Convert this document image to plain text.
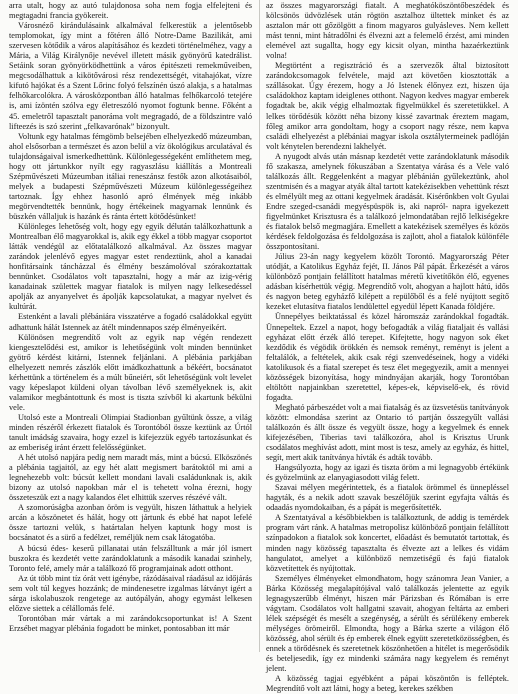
arra utalt, hogy az autó tulajdonosa soha nem fogja elfelejteni és megtagadni francia gyökereit.

Városnéző kirándulásaink alkalmával felkerestük a jelentősebb templomokat, így mint a főtéren álló Notre-Dame Bazilikát, ami szervesen kötődik a város alapításához és kezdeti történelméhez, vagy a Mária, a Világ Királynője nevével illetett másik gyönyörű katedrálist. Setáink soran gyönyörködhettünk a város épitészeti remekműveiben, megcsodálhattuk a kikötővárosi rész rendezettségét, vitahajókat, vízre kifutó hajókat és a Szent Lőrinc folyó felszínén úszó alakja, s a hatalmas felhőkarcolókra. A városközpontban álló hatalmas felhőkarcoló tetejére is, ami ízöntén szólva egy életreszóló nyomot fogtunk benne. Főként a 45. emeletről tapasztalt panoráma volt megragadó, de a földszintre való lifteezés is szó szerint „felkavarónak” bizonyult.

Voltunk egy hatalmas fémgömb belsejében elhelyezkedő múzeumban, ahol elsősorban a természet és azon belül a víz ökológikus arculatával és tulajdonságaival ismerkedhettünk. Különlegességeként említhetem meg, hogy ott jártunkkor nyílt egy ragyaszlásu kiállítás a Montreali Szépművészeti Múzeumban itáliai reneszánsz festők azon alkotásaiból, melyek a budapesti Szépművészeti Múzeum különlegességeihez tartoznak. Így ehhez hasonló apró élmények még inkább megörvendtették bennünk, hogy értékeinek magyarnak lennünk és büszkén vállaljuk is hazánk és ránta értett kötődésünket!

Különleges lehetőség volt, hogy egy egyik délután találkozhattunk a Montrealban élő magyarokkal is, akik egy ékkel a több magyar csoportot látták vendégül az előtatalálkozó alkalmával. Az összes magyar zarándok jelenlévő egyes magyar estet rendeztünk, ahol a kanadai honfitársaink táncházzal és élmény beszámolóval szórakoztattak bennünket. Csodálatos volt tapasztalni, hogy a már az izig-vérig kanadainak születtek magyar fiatalok is milyen nagy lelkesedéssel apolják az anyanyelvet és ápolják kapcsolatukat, a magyar nyelvet és kultúrát.

Estenként a lavali plébániára visszatérve a fogadó családokkal együtt adhattunk hálát Istennek az átélt mindennapos szép élményeikért.

Különösen megrendítő volt az egyik nap végén rendezett kiengesztelődési est, amikor is lehetőségünk volt minden bennünket gyötrő kérdést kitárni, Istennek feljánlani. A plébánia parkjában elhelyezett nemrés zászlók előtt imádkozhattunk a békéért, bocsánatot kérhettünk a történelem és a múlt bűneiért, sőt lehetőségünk volt levelet vagy képeslapot küldeni olyan távolban lévő személyeknek is, akit valamikor megbántottunk és most is tiszta szívből ki akartunk békülni vele.

Utolsó este a Montreali Olimpiai Stadionban gyűltünk össze, a világ minden részéről érkezett fiatalok és Torontóból össze keztünk az Úrtól tanult imádság szavaira, hogy ezzel is kifejezzük egyéb tartozásunkat és az emberiség iránt érzett felelősségünket.

A hét utolsó napjára pedig nem maradt más, mint a búcsú. Elköszönés a plébánia tagjaitól, az egy hét alatt megismert barátoktól mi ami a legnehezebb volt: búcsút kellett mondani lavali családunknak is, akik bizony az utolsó napokban már el is tehetett volna érezni, hogy összeteszük ezt a nagy kalandos élet elhittük szerves részévé vált.

A szomorúságba azonban öröm is vegyült, hiszen láthattuk a helyiek arcán a köszönetet és hálát, hogy ott jártunk és ebbé hat napot lefelé össze tartozni velük, s határtalan helyen kaptunk hogy most is bocsánatot és a sürő a fedélzet, reméljük nem csak látogatóba.

A búcsú édes- keserű pillanatai után felszálltunk a már jól ismert buszokra és kezdetét vette zarándoklatunk a második kanadai szinhely, Toronto felé, amely már a találkozó fő programjainak adott otthont.

Az út több mint tíz órát vett igénybe, rázódásaival ráadásul az időjárás sem volt túl kegyes hozzánk; de mindenesetre izgalmas látványt igért a sárga iskolabuszok rengetege az autópályán, ahogy egymást lelkesen előzve siettek a célállomás felé.

Torontóban már vártak a mi zarándokcsoportunkat is! A Szent Erzsébet magyar plébánia fogadott be minket, pontosabban itt már

az összes magyarországi fiatalt. A meghatóköszöntőbeszédek és kölcsönös üdvözlések után rögtön asztalhoz ültettek minket és az asztalon már ott gőzölgött a finom magyaros gulyásleves. Nem kellett mást tenni, mint hátradőlni és élvezni azt a felemelő érzést, ami minden elemével azt sugallta, hogy egy kicsit olyan, mintha hazaérkeztünk volna!

Megtörtént a regisztráció és a szervezők által biztosított zarándokcsomagok felvétele, majd azt követően kiosztották a szállásokat. Úgy érezem, hogy a Jó Istenek élőnyez ezt, hiszen úja családokhoz kaptam ideiglenes otthont. Nagyon kedves magyar emberek fogadtak be, akik végig elhalmoztak figyelmükkel és szeretetükkel. A lelkes törődésük között néha bizony kissé zavartnak éreztem magam, főleg amikor arra gondoltam, hogy a csoport nagy része, nem kapva családi elhelyezést a plébániai magyar iskola osztálytermeinek padlóján volt kénytelen berendezni lakhelyét.

A nyugodt alvás után másnap kezdetét vette zarándoklatunk második fő szakasza, amelynek fókuszában a Szentatya várása és a Vele való találkozás állt. Reggelenként a magyar plébánián gyűlekeztünk, ahol szentmisén és a magyar atyák által tartott katekézisekben vehettünk részt és elmélyült meg az ottani kegyelmek áradását. Kisérőnkben volt Gyulai Endre szeged-csanádi megyéspüspök is, aki napról- napra igyekezett figyelmünket Krisztusra és a találkozó jelmondatában rejlő lelkiségekre és fiatalok belső megmagjára. Emellett a katekézisek személyes és közös kérdések feldolgozása és feldolgozása is zajlott, ahol a fiatalok különféle összpontosítani.

Július 23-án nagy kegyelem közölt Torontó. Magyarország Péter utódját, a Katolikus Egyház fejét, II. János Pál pápát. Érkezését a város különböző pontjain felállított hatalmas méretű kivetítőkön élő, egyenes adásban kísérhettük végig. Megrendítő volt, ahogyan a hajlott hátú, idős és nagyon beteg egyházfő kilépett a repülőből és a felé nyújtott segítő kezeket elutasítva fiatalos lendülettel egyedül lépett Kanada földjére.

Ünnepélyes beiktatással és közel háromszáz zarándokkal fogadták. Ünnepeltek. Ezzel a napot, hogy befogadták a világ fiataljait és vallási egyházat előtt érzék álló terepet. Kifejtette, hogy nagyon sok éket kezdődik és végödik örökkén és nemsok reményt, reményt is jelent a feltalálók, a feltételek, akik csak régi szenvedéseinek, hogy a vidéki katolikusok és a fiatal szerepet és tesz élet megegyezik, amit a mennyei közösségek bizonyítása, hogy mindnyájan akarják, hogy Torontóban eltöltött napjainkban szeretettel, képes-ek, képviselő-ek, és rövid fogadta.

Megható párbeszédet volt a mai fiatalság és az üzsvetésüs tanítványok között: elmondása szerint az Ontario tó partján összegyűlt vallási találkozón és állt össze és vegyült össze, hogy a kegyelmek és ennek kifejezésében, Tiberias tavi találkozóra, ahol is Krisztus Urunk csodálatos meghívást adott, mint most is tesz, amely az egyház, és hittel, segít, mert akik tanítványa hívták és adták tovább.

Hangsúlyozta, hogy az igazi és tiszta öröm a mi legnagyobb értékünk és gyözelmünk az elanyagiasodott világ felett.

Szavai mélyen megérintettek, és a fiatalok örömmel és ünnepléssel hagyták, és a nekik adott szavak beszélőjük szerint egyfajta váltás és odaadás nyomdokaiban, és a pápát is megerősítették.

A Szentatyával a későbbiekben is találkoztunk, de addig is temérdek program várt ránk. A hatalmas metropolisz különböző pontjain felállított színpadokon a fiatalok sok koncertet, előadást és bemutatót tartottak, és minden nagy közösség tapasztalta és élvezte azt a lelkes és vidám hangulatot, amelyet a különböző nemzetiségű és fajú fiatalok közvetítettek és nyújtottak.

Személyes élményeket elmondhatom, hogy szánomra Jean Vanier, a Bárka Közösség megalapítójával való találkozás jelentette az egyik legnagyszerűbb élményt, hiszen már Párizsban és Rómában is erre vágytam. Csodálatos volt hallgatni szavait, ahogyan feltárta az emberi lélek szépségét és mesélt a szegénység, a sérült és sérülékeny emberek mélységes örömeiről. Elmondta, hogy a Bárka szerte a világon élő közösség, ahol sérült és ép emberek élnek együtt szeretetközösségben, és ennek a törődésnek és szeretetnek köszönhetően a hitélet is megerősödik és beteljesedik, így ez mindenki számára nagy kegyelem és reményt jelent.

A közösség tagjai egyébként a pápai köszöntőn is felléptek. Megrendítő volt azt látni, hogy a beteg, kerekes székben
